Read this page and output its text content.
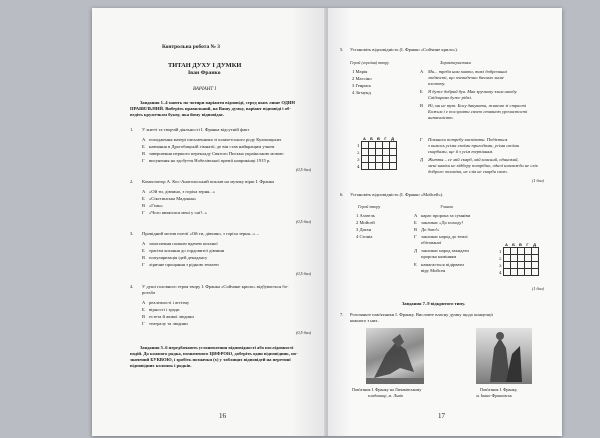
Контрольна робота № 3
ТИТАН ДУХУ І ДУМКИ
Іван Франко
ВАРІАНТ І
Завдання 1–4 мають по чотири варіанти відповіді, серед яких лише ОДИН
ПРАВИЛЬНИЙ. Виберіть правильний, на Вашу думку, варіант відповіді і об-
ведіть кружечком букву, яка йому відповідає.
1. У житті та творчій діяльності І. Франка відсутній факт
А походження матері письменника зі шляхетського роду Кульчицьких
Б навчання в Дрогобицькій гімназії, де він став найкращим учнем
В завершення першого перекладу Святого Письма українською мовою
Г висунення на здобуття Нобелівської премії наприкінці 1915 р.
(0,5 бал)
2. Композитор А. Кос-Анатольський поклав на музику вірш І. Франка
А «Ой ти, дівчино, з горіха зерня...»
Б «Сікстинська Мадонна»
В «Гімн»
Г «Чого являєшся мені у сні?..»
(0,5 бал)
3. Провідний мотив поезії «Ой ти, дівчино, з горіха зерня...» –
А захоплення палкою вдачею коханої
Б трагізм кохання до гордовитої дівчини
В популяризація ідей декадансу
Г ліричне прощання з рідною землею
(0,5 бал)
4. У душі головного героя твору І. Франка «Сойчине крило» відбувається бо-
ротьба
А реалізмості і аттізму
Б вірності і зради
В естета й живої людини
Г театралу та людини
(0,5 бал)
Завдання 5–6 передбачають установлення відповідності або послідовності
подій. До кожного рядка, позначеного ЦИФРОЮ, доберіть один відповідник, по-
значений БУКВОЮ, і зробіть позначки (х) у таблицях відповідей на перетині
відповідних колонок і рядків.
16
5. Установіть відповідність (І. Франко «Сойчине крило»).
Герой (героїня) твору	Характеристики
1 Марія
2 Массіно
3 Генрись
4 Зігмунд
А Ми... треба нам знати, такі доброчинні
людкості, що очевидечно бачимо лише
клопоту.
Б Я дуже добрий був. Мав зручнову злим шкоду.
Свідоцтва дуже рідкі.
В Ні, ми не тут. Богу дякувати, живемо зі страсті
Божим і є послухати своєю ставною урочистості
античністю.
Г Покинеш потребу виспівати. Подіється
з кимось усіма своїми пригодами, усіма своїми
скарбами, ще й з усім терпінням.
Д Життя – се мій скарб, мій власний, одинокий,
мені навіки не відберу потрібно, одної назавжди не слів
доброго чоловіка, не слів не скарби свою.
	А	Б	В	Г	Д
1					
2					
3					
4					
(1 бал)
6. Установіть відповідність (І. Франко «Мойсей»).
Герой твору	Учинок
1 Азазель
2 Мойсей
3 Датан
4 Стоніа
А карає пророка за сумніви
Б закликає «До походу!
В До бою!»
Г закликає народ до землі
обітованої
Д закликає народ закидати
пророка камінням
Е намагається підірвати
віру Мойсея
	А	Б	В	Г	Д
1					
2					
3					
4					
(1 бал)
Завдання 7–9 відкритого типу.
7. Розгляньте пам'ятники І. Франку. Висловте власну думку щодо концепції
кожного з них.
Пам'ятник І. Франку на Личаківському
кладовищі, м. Львів
Пам'ятник І. Франку,
м. Івано-Франківськ
17
